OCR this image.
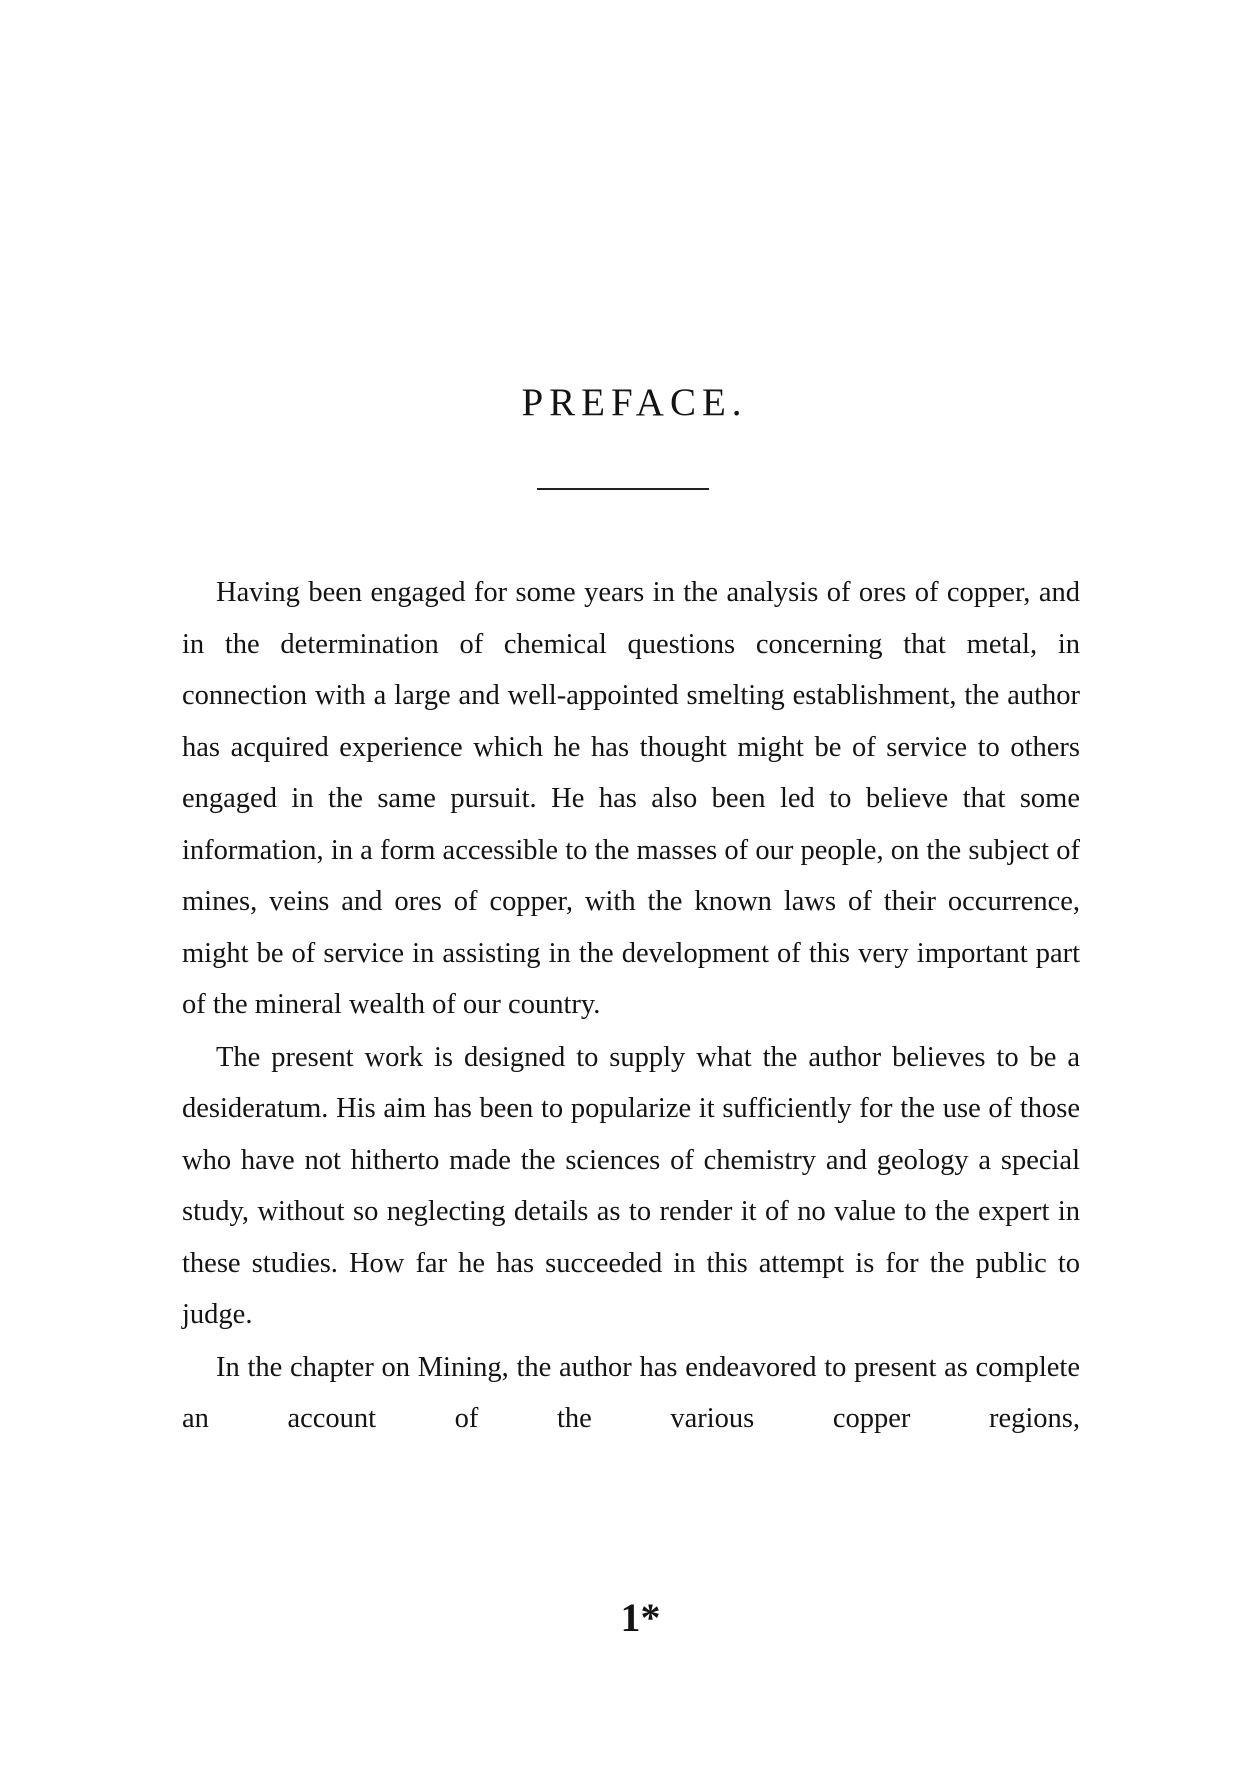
PREFACE.

Having been engaged for some years in the analysis of ores of copper, and in the determination of chemical questions concerning that metal, in connection with a large and well-appointed smelting establishment, the author has acquired experience which he has thought might be of service to others engaged in the same pursuit. He has also been led to believe that some information, in a form accessible to the masses of our people, on the subject of mines, veins and ores of copper, with the known laws of their occurrence, might be of service in assisting in the development of this very important part of the mineral wealth of our country.

The present work is designed to supply what the author believes to be a desideratum. His aim has been to popularize it sufficiently for the use of those who have not hitherto made the sciences of chemistry and geology a special study, without so neglecting details as to render it of no value to the expert in these studies. How far he has succeeded in this attempt is for the public to judge.

In the chapter on Mining, the author has endeavored to present as complete an account of the various copper regions,

1*
